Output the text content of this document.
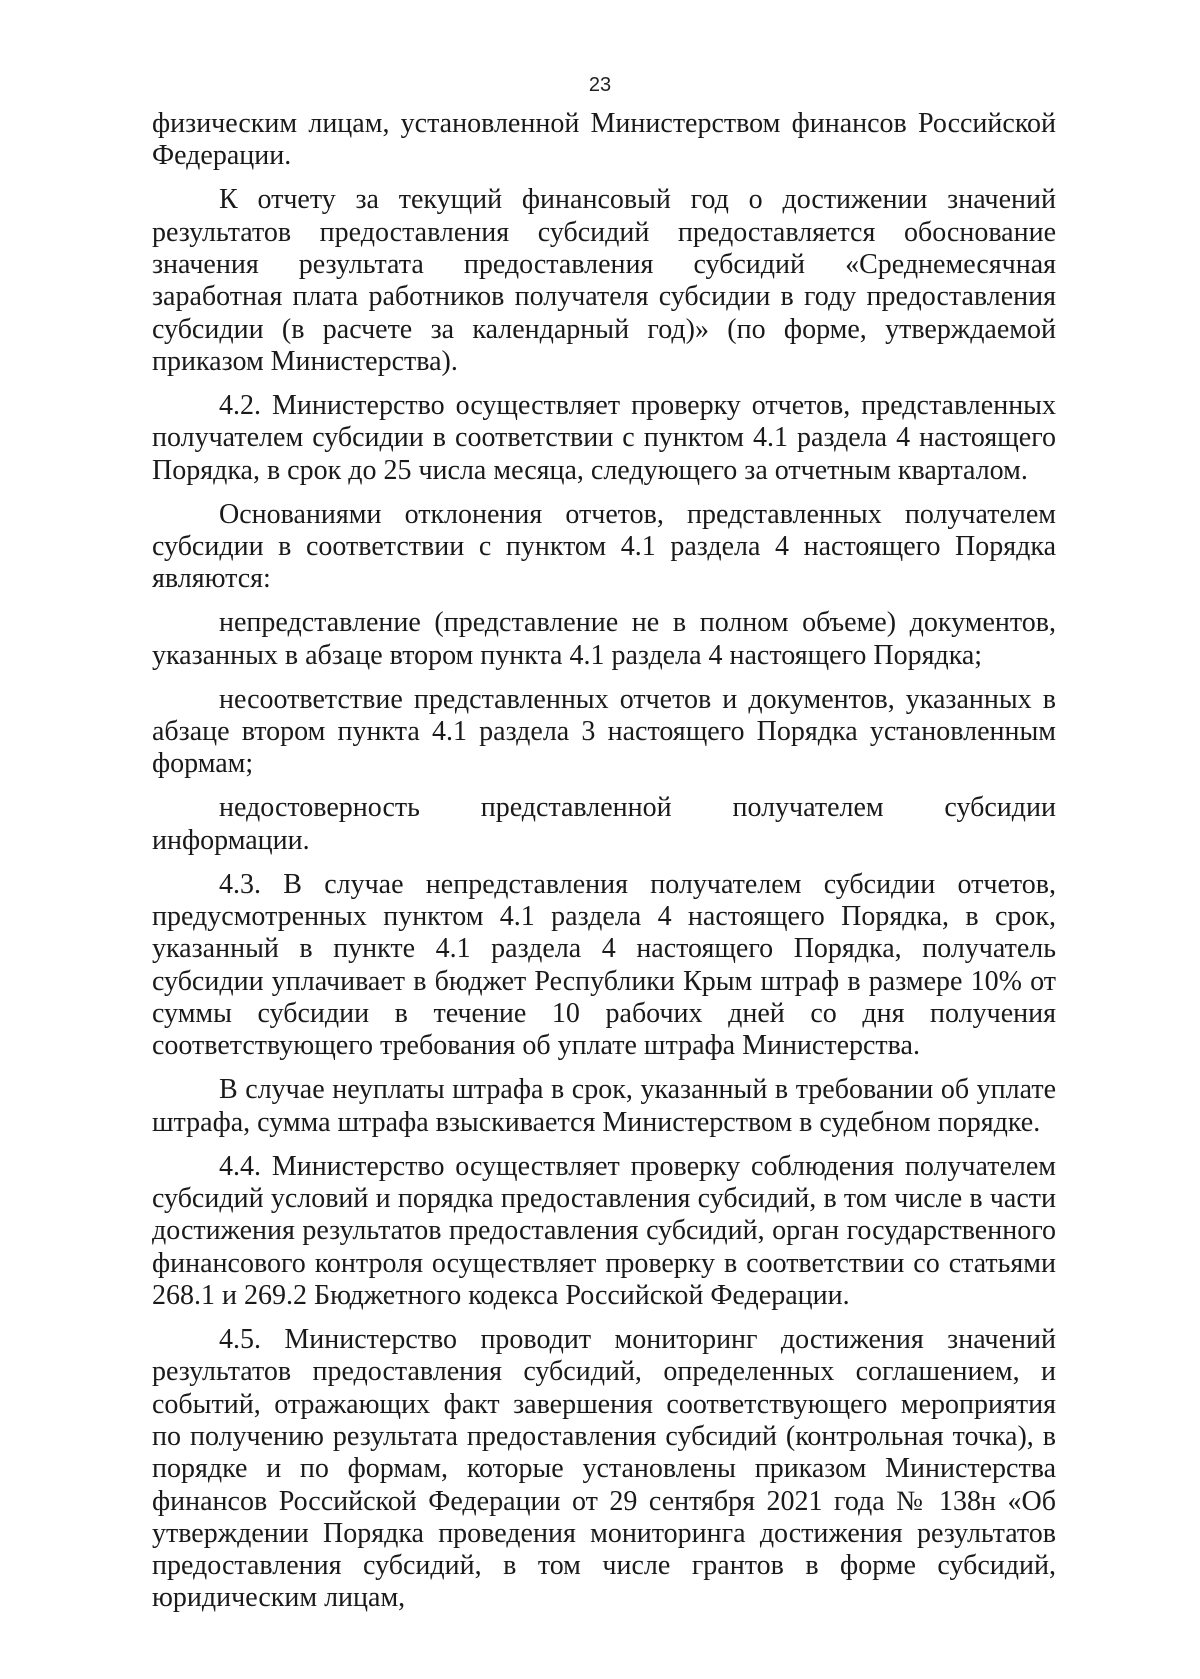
23

физическим лицам, установленной Министерством финансов Российской Федерации.

К отчету за текущий финансовый год о достижении значений результатов предоставления субсидий предоставляется обоснование значения результата предоставления субсидий «Среднемесячная заработная плата работников получателя субсидии в году предоставления субсидии (в расчете за календарный год)» (по форме, утверждаемой приказом Министерства).

4.2. Министерство осуществляет проверку отчетов, представленных получателем субсидии в соответствии с пунктом 4.1 раздела 4 настоящего Порядка, в срок до 25 числа месяца, следующего за отчетным кварталом.

Основаниями отклонения отчетов, представленных получателем субсидии в соответствии с пунктом 4.1 раздела 4 настоящего Порядка являются:

непредставление (представление не в полном объеме) документов, указанных в абзаце втором пункта 4.1 раздела 4 настоящего Порядка;

несоответствие представленных отчетов и документов, указанных в абзаце втором пункта 4.1 раздела 3 настоящего Порядка установленным формам;

недостоверность представленной получателем субсидии информации.

4.3. В случае непредставления получателем субсидии отчетов, предусмотренных пунктом 4.1 раздела 4 настоящего Порядка, в срок, указанный в пункте 4.1 раздела 4 настоящего Порядка, получатель субсидии уплачивает в бюджет Республики Крым штраф в размере 10% от суммы субсидии в течение 10 рабочих дней со дня получения соответствующего требования об уплате штрафа Министерства.

В случае неуплаты штрафа в срок, указанный в требовании об уплате штрафа, сумма штрафа взыскивается Министерством в судебном порядке.

4.4. Министерство осуществляет проверку соблюдения получателем субсидий условий и порядка предоставления субсидий, в том числе в части достижения результатов предоставления субсидий, орган государственного финансового контроля осуществляет проверку в соответствии со статьями 268.1 и 269.2 Бюджетного кодекса Российской Федерации.

4.5. Министерство проводит мониторинг достижения значений результатов предоставления субсидий, определенных соглашением, и событий, отражающих факт завершения соответствующего мероприятия по получению результата предоставления субсидий (контрольная точка), в порядке и по формам, которые установлены приказом Министерства финансов Российской Федерации от 29 сентября 2021 года № 138н «Об утверждении Порядка проведения мониторинга достижения результатов предоставления субсидий, в том числе грантов в форме субсидий, юридическим лицам,
